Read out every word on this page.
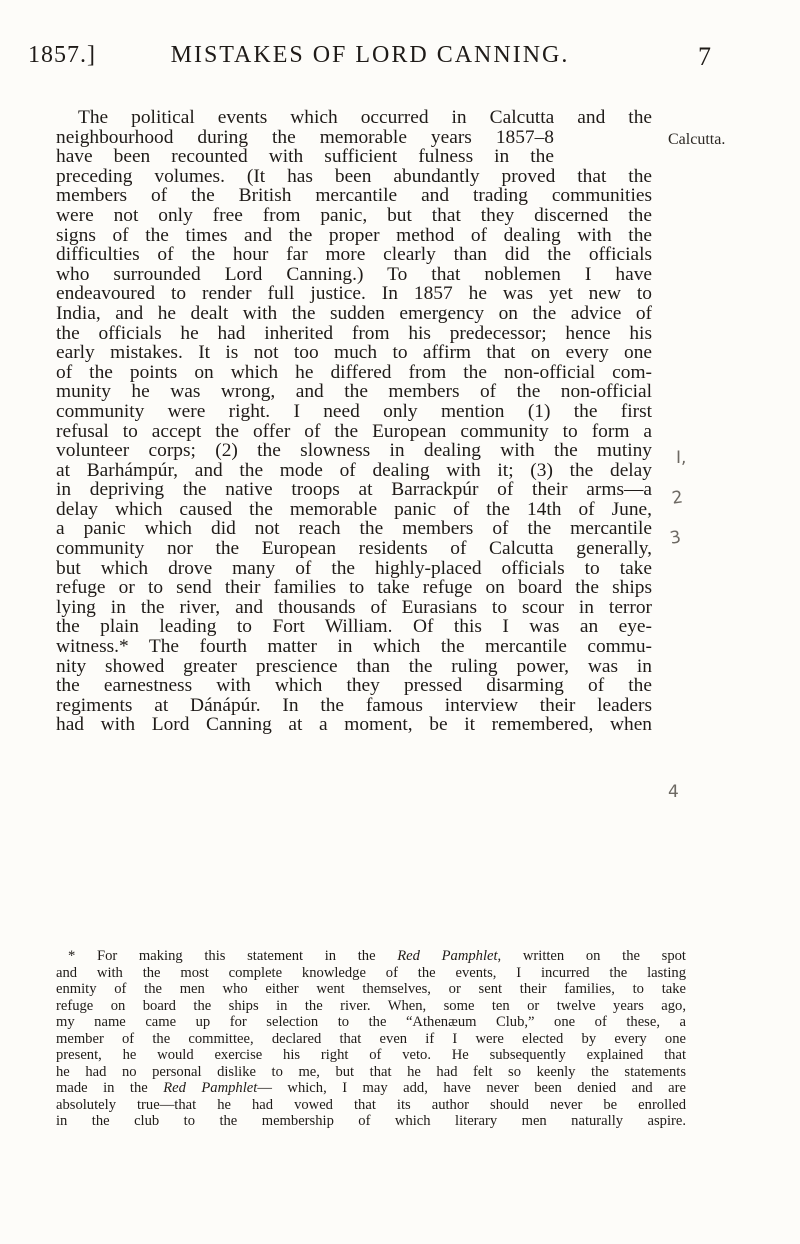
1857.]	MISTAKES OF LORD CANNING.	7
Calcutta.
The political events which occurred in Calcutta and the
neighbourhood during the memorable years 1857–8
have been recounted with sufficient fulness in the
preceding volumes. (It has been abundantly proved that the
members of the British mercantile and trading communities
were not only free from panic, but that they discerned the
signs of the times and the proper method of dealing with the
difficulties of the hour far more clearly than did the officials
who surrounded Lord Canning.) To that noblemen I have
endeavoured to render full justice. In 1857 he was yet new to
India, and he dealt with the sudden emergency on the advice of
the officials he had inherited from his predecessor; hence his
early mistakes. It is not too much to affirm that on every one
of the points on which he differed from the non-official com-
munity he was wrong, and the members of the non-official
community were right. I need only mention (1) the first
refusal to accept the offer of the European community to form a
volunteer corps; (2) the slowness in dealing with the mutiny
at Barhámpúr, and the mode of dealing with it; (3) the delay
in depriving the native troops at Barrackpúr of their arms—a
delay which caused the memorable panic of the 14th of June,
a panic which did not reach the members of the mercantile
community nor the European residents of Calcutta generally,
but which drove many of the highly-placed officials to take
refuge or to send their families to take refuge on board the ships
lying in the river, and thousands of Eurasians to scour in terror
the plain leading to Fort William. Of this I was an eye-
witness.* The fourth matter in which the mercantile commu-
nity showed greater prescience than the ruling power, was in
the earnestness with which they pressed disarming of the
regiments at Dánápúr. In the famous interview their leaders
had with Lord Canning at a moment, be it remembered, when
I,
2
3
4
* For making this statement in the Red Pamphlet, written on the spot
and with the most complete knowledge of the events, I incurred the lasting
enmity of the men who either went themselves, or sent their families, to take
refuge on board the ships in the river. When, some ten or twelve years ago,
my name came up for selection to the “Athenæum Club,” one of these, a
member of the committee, declared that even if I were elected by every one
present, he would exercise his right of veto. He subsequently explained that
he had no personal dislike to me, but that he had felt so keenly the statements
made in the Red Pamphlet— which, I may add, have never been denied and are
absolutely true—that he had vowed that its author should never be enrolled
in the club to the membership of which literary men naturally aspire.
